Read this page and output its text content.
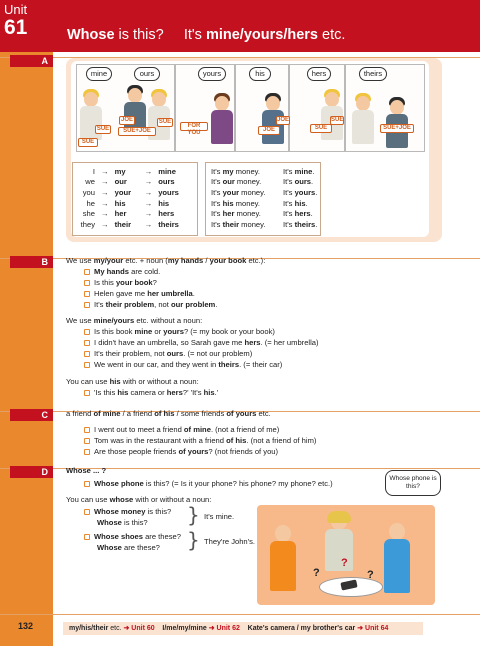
Unit
61	Whose is this? It's mine/yours/hers etc.
A
B
C
D
mine	ours	yours	his	hers	theirs
SUE
JOE	SUE
SUE
SUE+JOE
FOR YOU	JOE
JOE
SUE
SUE
SUE+JOE
I	→	my	→	mine
we	→	our	→	ours
you	→	your	→	yours
he	→	his	→	his
she	→	her	→	hers
they	→	their	→	theirs
It's my money.	It's mine.
It's our money.	It's ours.
It's your money.	It's yours.
It's his money.	It's his.
It's her money.	It's hers.
It's their money.	It's theirs.
We use my/your etc. + noun (my hands / your book etc.):
My hands are cold.
Is this your book?
Helen gave me her umbrella.
It's their problem, not our problem.
We use mine/yours etc. without a noun:
Is this book mine or yours? (= my book or your book)
I didn't have an umbrella, so Sarah gave me hers. (= her umbrella)
It's their problem, not ours. (= not our problem)
We went in our car, and they went in theirs. (= their car)
You can use his with or without a noun:
'Is this his camera or hers?' 'It's his.'
a friend of mine / a friend of his / some friends of yours etc.
I went out to meet a friend of mine. (not a friend of me)
Tom was in the restaurant with a friend of his. (not a friend of him)
Are those people friends of yours? (not friends of you)
Whose ... ?
Whose phone is this? (= Is it your phone? his phone? my phone? etc.)
You can use whose with or without a noun:
Whose money is this?
Whose is this? } It's mine.
Whose shoes are these?
Whose are these? } They're John's.
?
?
?
Whose phone is this?
132	my/his/their etc. ➜ Unit 60 I/me/my/mine ➜ Unit 62 Kate's camera / my brother's car ➜ Unit 64
